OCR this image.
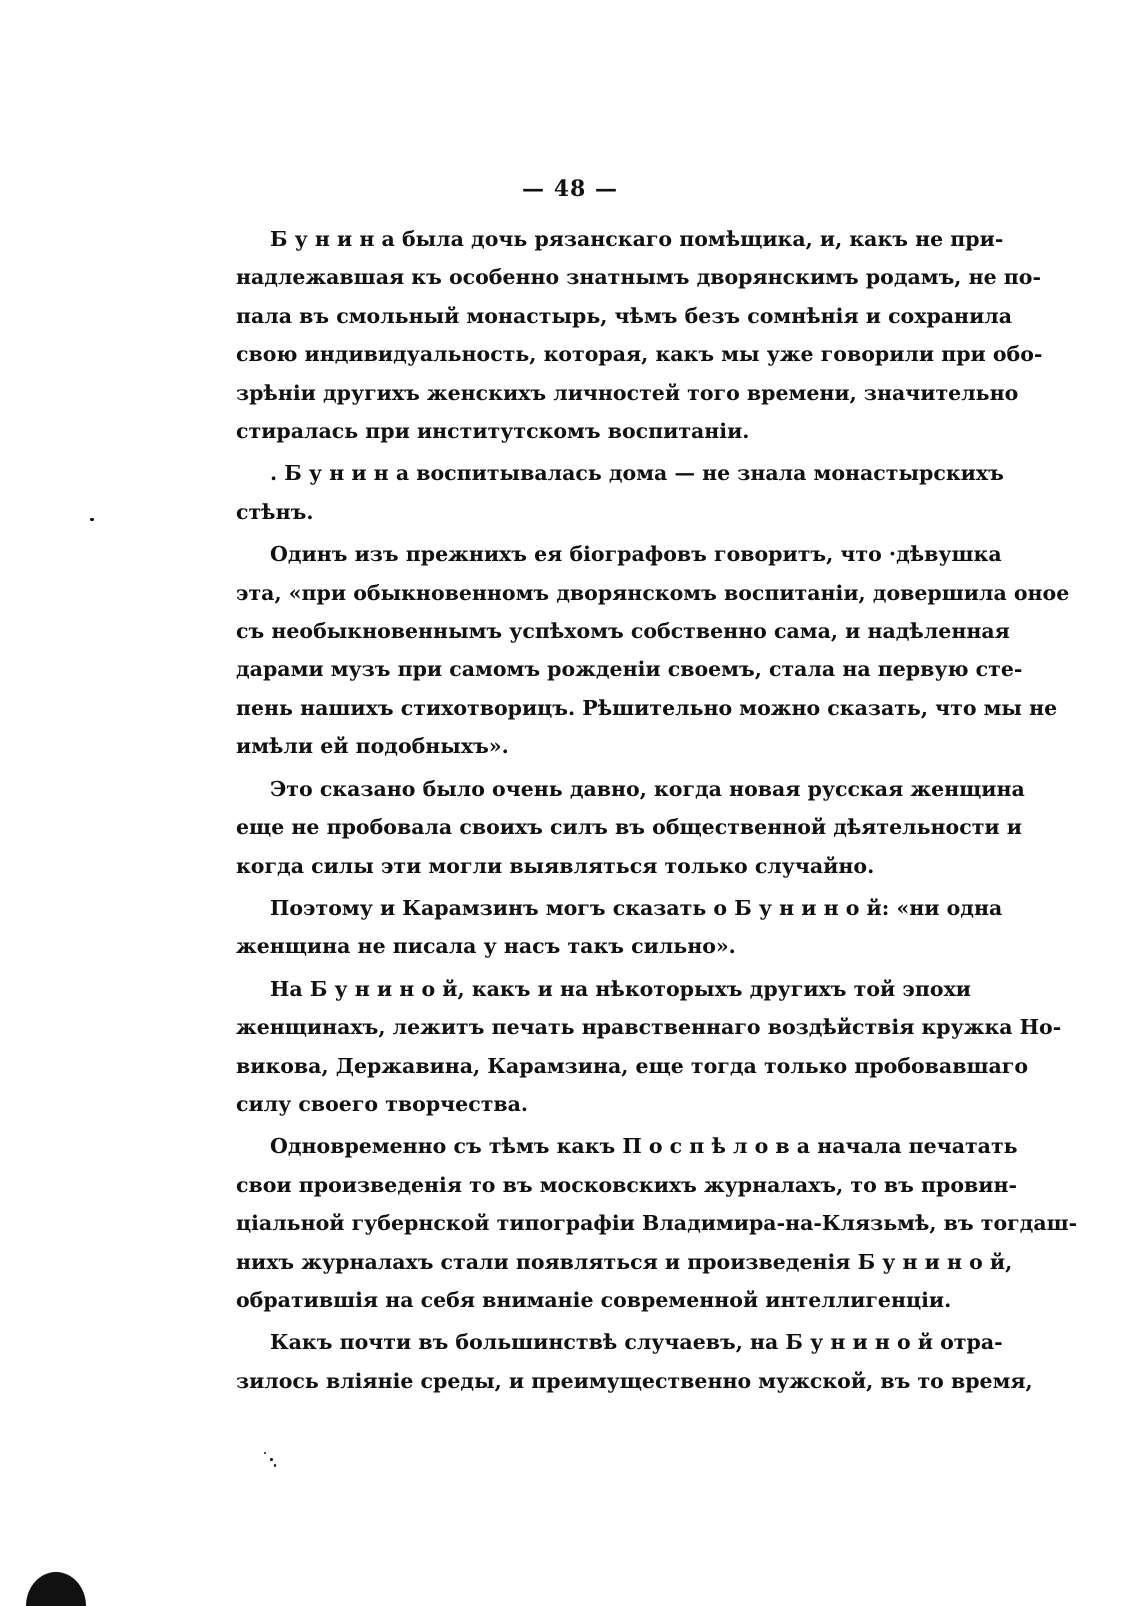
— 48 —

Б у н и н а была дочь рязанскаго помѣщика, и, какъ не при-
надлежавшая къ особенно знатнымъ дворянскимъ родамъ, не по-
пала въ смольный монастырь, чѣмъ безъ сомнѣнія и сохранила
свою индивидуальность, которая, какъ мы уже говорили при обо-
зрѣніи другихъ женскихъ личностей того времени, значительно
стиралась при институтскомъ воспитаніи.

. Б у н и н а воспитывалась дома — не знала монастырскихъ
стѣнъ.

Одинъ изъ прежнихъ ея біографовъ говоритъ, что ·дѣвушка
эта, «при обыкновенномъ дворянскомъ воспитаніи, довершила оное
съ необыкновеннымъ успѣхомъ собственно сама, и надѣленная
дарами музъ при самомъ рожденіи своемъ, стала на первую сте-
пень нашихъ стихотворицъ. Рѣшительно можно сказать, что мы не
имѣли ей подобныхъ».

Это сказано было очень давно, когда новая русская женщина
еще не пробовала своихъ силъ въ общественной дѣятельности и
когда силы эти могли выявляться только случайно.

Поэтому и Карамзинъ могъ сказать о Б у н и н о й: «ни одна
женщина не писала у насъ такъ сильно».

На Б у н и н о й, какъ и на нѣкоторыхъ другихъ той эпохи
женщинахъ, лежитъ печать нравственнаго воздѣйствія кружка Но-
викова, Державина, Карамзина, еще тогда только пробовавшаго
силу своего творчества.

Одновременно съ тѣмъ какъ П о с п ѣ л о в а начала печатать
свои произведенія то въ московскихъ журналахъ, то въ провин-
ціальной губернской типографіи Владимира-на-Клязьмѣ, въ тогдаш-
нихъ журналахъ стали появляться и произведенія Б у н и н о й,
обратившія на себя вниманіе современной интеллигенціи.

Какъ почти въ большинствѣ случаевъ, на Б у н и н о й отра-
зилось вліяніе среды, и преимущественно мужской, въ то время,
